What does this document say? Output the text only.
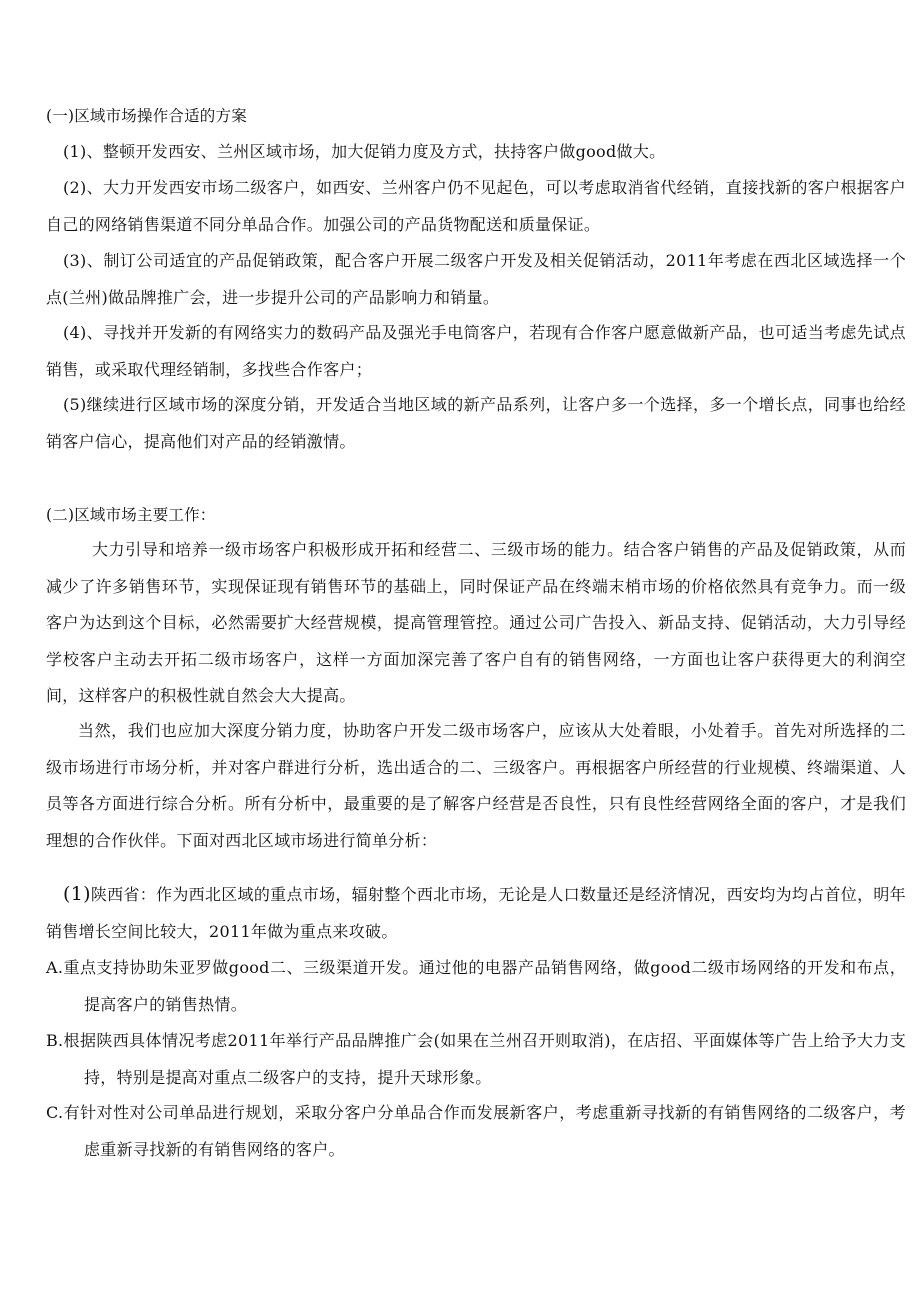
(一)区域市场操作合适的方案

(1)、整顿开发西安、兰州区域市场，加大促销力度及方式，扶持客户做good做大。

(2)、大力开发西安市场二级客户，如西安、兰州客户仍不见起色，可以考虑取消省代经销，直接找新的客户根据客户自己的网络销售渠道不同分单品合作。加强公司的产品货物配送和质量保证。

(3)、制订公司适宜的产品促销政策，配合客户开展二级客户开发及相关促销活动，2011年考虑在西北区域选择一个点(兰州)做品牌推广会，进一步提升公司的产品影响力和销量。

(4)、寻找并开发新的有网络实力的数码产品及强光手电筒客户，若现有合作客户愿意做新产品，也可适当考虑先试点销售，或采取代理经销制，多找些合作客户；

(5)继续进行区域市场的深度分销，开发适合当地区域的新产品系列，让客户多一个选择，多一个增长点，同事也给经销客户信心，提高他们对产品的经销激情。

(二)区域市场主要工作：

大力引导和培养一级市场客户积极形成开拓和经营二、三级市场的能力。结合客户销售的产品及促销政策，从而减少了许多销售环节，实现保证现有销售环节的基础上，同时保证产品在终端末梢市场的价格依然具有竞争力。而一级客户为达到这个目标，必然需要扩大经营规模，提高管理管控。通过公司广告投入、新品支持、促销活动，大力引导经学校客户主动去开拓二级市场客户，这样一方面加深完善了客户自有的销售网络，一方面也让客户获得更大的利润空间，这样客户的积极性就自然会大大提高。

当然，我们也应加大深度分销力度，协助客户开发二级市场客户，应该从大处着眼，小处着手。首先对所选择的二级市场进行市场分析，并对客户群进行分析，选出适合的二、三级客户。再根据客户所经营的行业规模、终端渠道、人员等各方面进行综合分析。所有分析中，最重要的是了解客户经营是否良性，只有良性经营网络全面的客户，才是我们理想的合作伙伴。下面对西北区域市场进行简单分析：

(1)陕西省：作为西北区域的重点市场，辐射整个西北市场，无论是人口数量还是经济情况，西安均为均占首位，明年销售增长空间比较大，2011年做为重点来攻破。

A.重点支持协助朱亚罗做good二、三级渠道开发。通过他的电器产品销售网络，做good二级市场网络的开发和布点，提高客户的销售热情。

B.根据陕西具体情况考虑2011年举行产品品牌推广会(如果在兰州召开则取消)，在店招、平面媒体等广告上给予大力支持，特别是提高对重点二级客户的支持，提升天球形象。

C.有针对性对公司单品进行规划，采取分客户分单品合作而发展新客户，考虑重新寻找新的有销售网络的二级客户，考虑重新寻找新的有销售网络的客户。
